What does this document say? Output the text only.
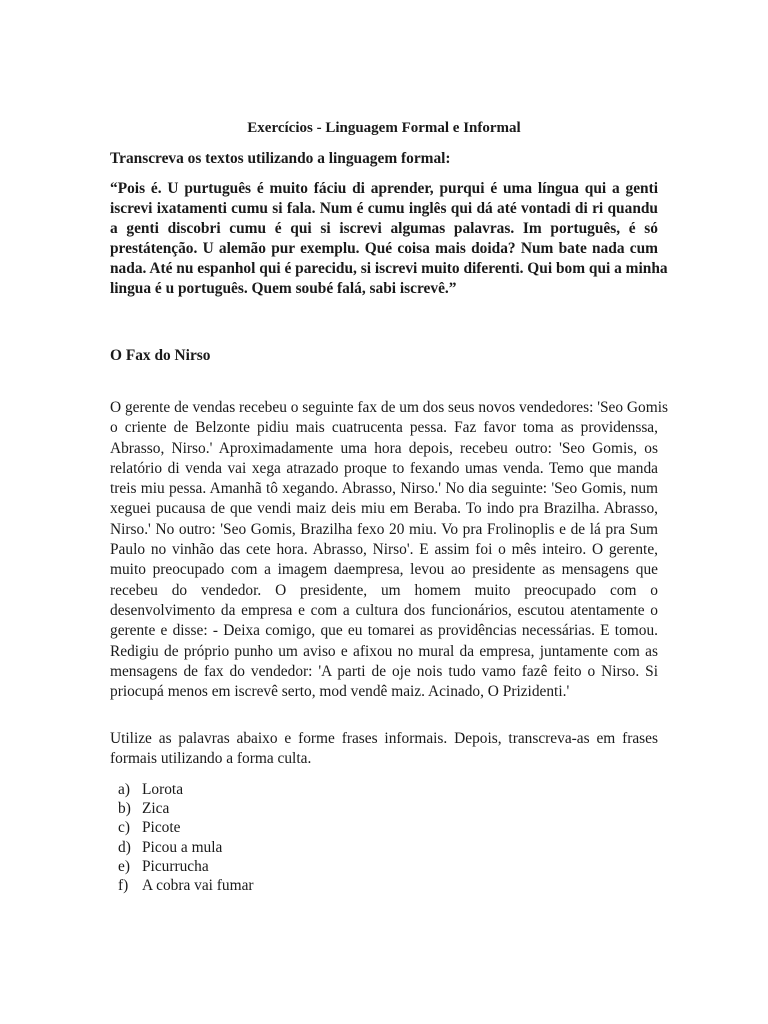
Exercícios - Linguagem Formal e Informal
Transcreva os textos utilizando a linguagem formal:
“Pois é. U purtuguês é muito fáciu di aprender, purqui é uma língua qui a genti
iscrevi ixatamenti cumu si fala. Num é cumu inglês qui dá até vontadi di ri quandu
a genti discobri cumu é qui si iscrevi algumas palavras. Im português, é só
prestátenção. U alemão pur exemplu. Qué coisa mais doida? Num bate nada cum
nada. Até nu espanhol qui é parecidu, si iscrevi muito diferenti. Qui bom qui a minha
lingua é u português. Quem soubé falá, sabi iscrevê.”
O Fax do Nirso
O gerente de vendas recebeu o seguinte fax de um dos seus novos vendedores: 'Seo Gomis
o criente de Belzonte pidiu mais cuatrucenta pessa. Faz favor toma as providenssa,
Abrasso, Nirso.' Aproximadamente uma hora depois, recebeu outro: 'Seo Gomis, os
relatório di venda vai xega atrazado proque to fexando umas venda. Temo que manda
treis miu pessa. Amanhã tô xegando. Abrasso, Nirso.' No dia seguinte: 'Seo Gomis, num
xeguei pucausa de que vendi maiz deis miu em Beraba. To indo pra Brazilha. Abrasso,
Nirso.' No outro: 'Seo Gomis, Brazilha fexo 20 miu. Vo pra Frolinoplis e de lá pra Sum
Paulo no vinhão das cete hora. Abrasso, Nirso'. E assim foi o mês inteiro. O gerente,
muito preocupado com a imagem daempresa, levou ao presidente as mensagens que
recebeu do vendedor. O presidente, um homem muito preocupado com o
desenvolvimento da empresa e com a cultura dos funcionários, escutou atentamente o
gerente e disse: - Deixa comigo, que eu tomarei as providências necessárias. E tomou.
Redigiu de próprio punho um aviso e afixou no mural da empresa, juntamente com as
mensagens de fax do vendedor: 'A parti de oje nois tudo vamo fazê feito o Nirso. Si
priocupá menos em iscrevê serto, mod vendê maiz. Acinado, O Prizidenti.'
Utilize as palavras abaixo e forme frases informais. Depois, transcreva-as em frases
formais utilizando a forma culta.
a) Lorota
b) Zica
c) Picote
d) Picou a mula
e) Picurrucha
f) A cobra vai fumar
